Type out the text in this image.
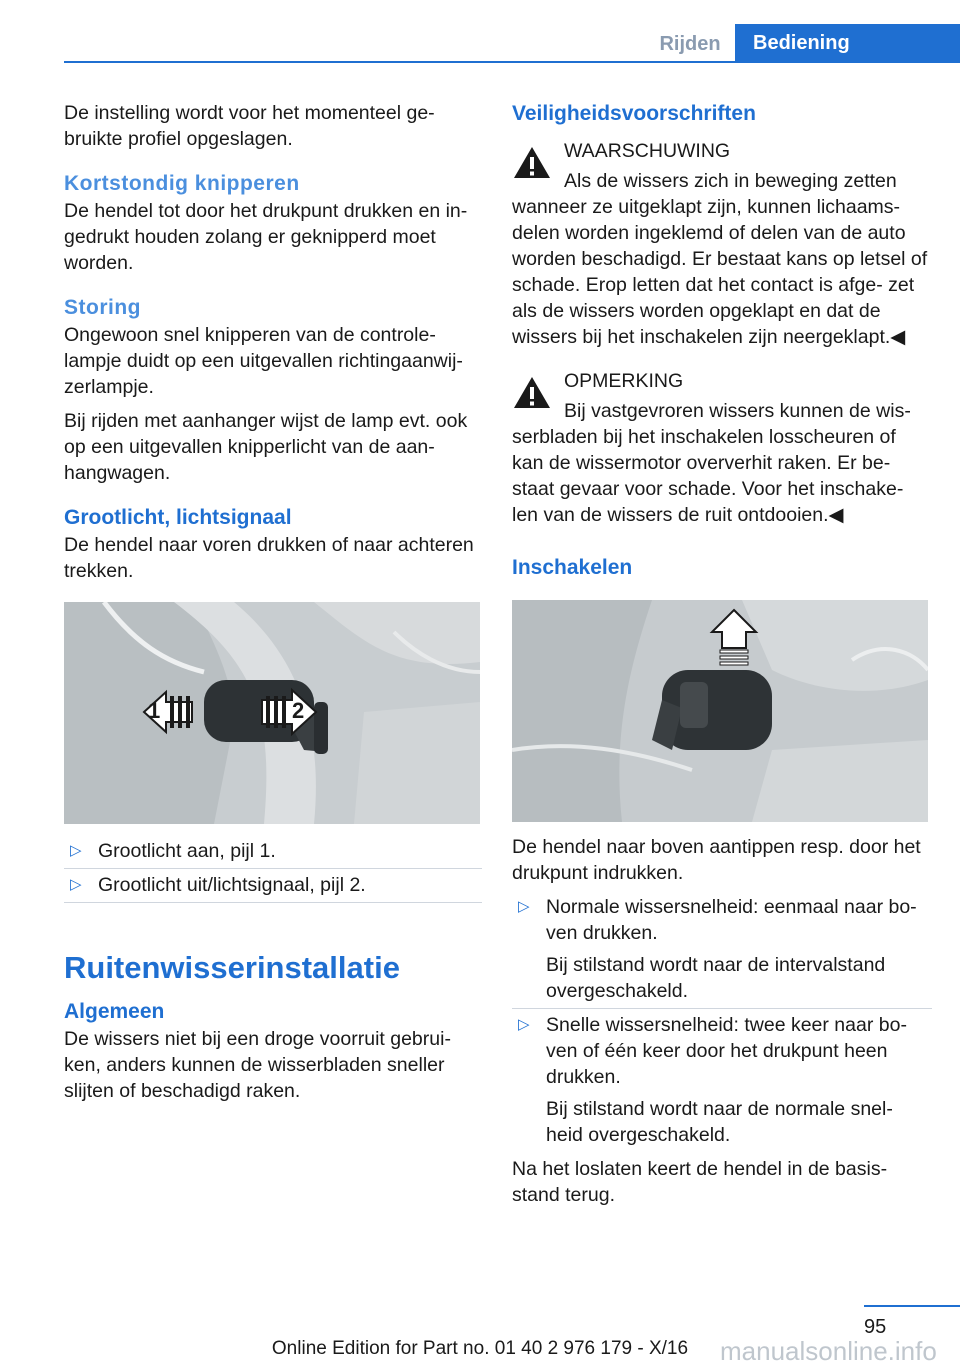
Rijden	Bediening

De instelling wordt voor het momenteel ge‐ bruikte profiel opgeslagen.

Kortstondig knipperen

De hendel tot door het drukpunt drukken en in‐ gedrukt houden zolang er geknipperd moet worden.

Storing

Ongewoon snel knipperen van de controle‐ lampje duidt op een uitgevallen richtingaanwij‐ zerlampje.

Bij rijden met aanhanger wijst de lamp evt. ook op een uitgevallen knipperlicht van de aan‐ hangwagen.

Grootlicht, lichtsignaal

De hendel naar voren drukken of naar achteren trekken.

1	2
▷ Grootlicht aan, pijl 1.
▷ Grootlicht uit/lichtsignaal, pijl 2.
Ruitenwisserinstallatie
Algemeen

De wissers niet bij een droge voorruit gebrui‐ ken, anders kunnen de wisserbladen sneller slijten of beschadigd raken.

Veiligheidsvoorschriften
WAARSCHUWING
Als de wissers zich in beweging zetten
wanneer ze uitgeklapt zijn, kunnen lichaams‐ delen worden ingeklemd of delen van de auto worden beschadigd. Er bestaat kans op letsel of schade. Erop letten dat het contact is afge‐ zet als de wissers worden opgeklapt en dat de wissers bij het inschakelen zijn neergeklapt.◀
OPMERKING
Bij vastgevroren wissers kunnen de wis‐
serbladen bij het inschakelen losscheuren of kan de wissermotor oververhit raken. Er be‐ staat gevaar voor schade. Voor het inschake‐ len van de wissers de ruit ontdooien.◀
Inschakelen

De hendel naar boven aantippen resp. door het drukpunt indrukken.

▷ Normale wissersnelheid: eenmaal naar bo‐ ven drukken.

Bij stilstand wordt naar de intervalstand overgeschakeld.

▷ Snelle wissersnelheid: twee keer naar bo‐ ven of één keer door het drukpunt heen drukken.

Bij stilstand wordt naar de normale snel‐ heid overgeschakeld.

Na het loslaten keert de hendel in de basis‐ stand terug.

95
manualsonline.info
Online Edition for Part no. 01 40 2 976 179 - X/16
